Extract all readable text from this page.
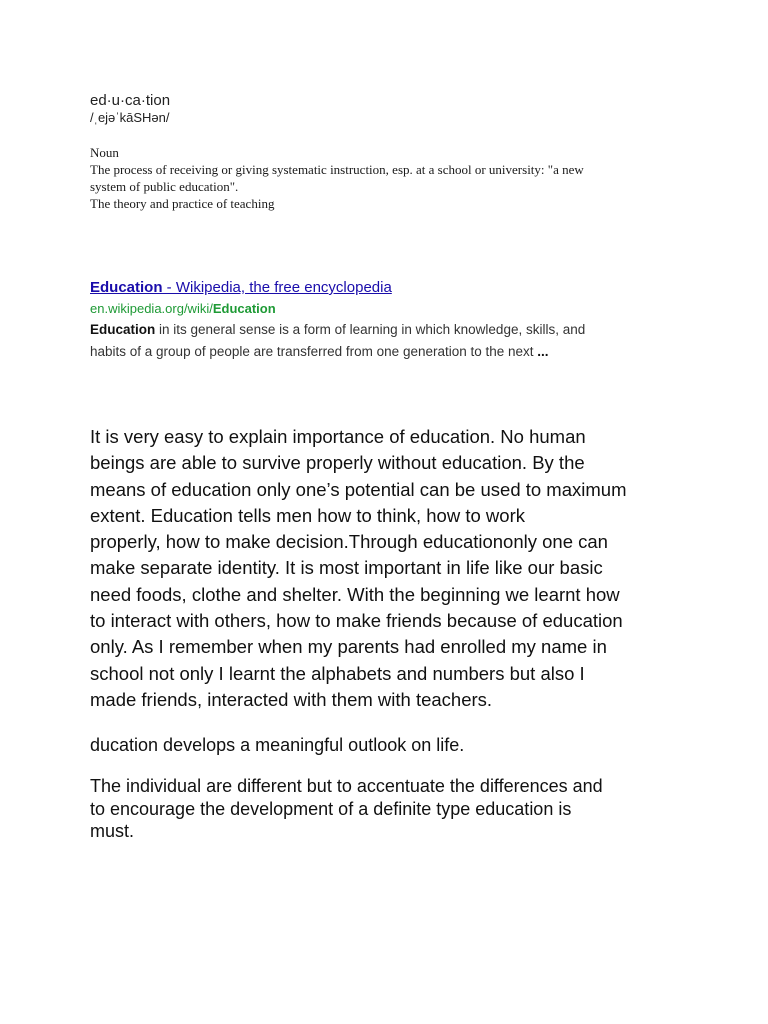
ed·u·ca·tion
/ˌejəˈkāSHən/
Noun
The process of receiving or giving systematic instruction, esp. at a school or university: "a new
system of public education".
The theory and practice of teaching
Education - Wikipedia, the free encyclopedia
en.wikipedia.org/wiki/Education
Education in its general sense is a form of learning in which knowledge, skills, and
habits of a group of people are transferred from one generation to the next ...
It is very easy to explain importance of education. No human
beings are able to survive properly without education. By the
means of education only one’s potential can be used to maximum
extent. Education tells men how to think, how to work
properly, how to make decision.Through educationonly one can
make separate identity. It is most important in life like our basic
need foods, clothe and shelter. With the beginning we learnt how
to interact with others, how to make friends because of education
only. As I remember when my parents had enrolled my name in
school not only I learnt the alphabets and numbers but also I
made friends, interacted with them with teachers.
ducation develops a meaningful outlook on life.
The individual are different but to accentuate the differences and
to encourage the development of a definite type education is
must.
